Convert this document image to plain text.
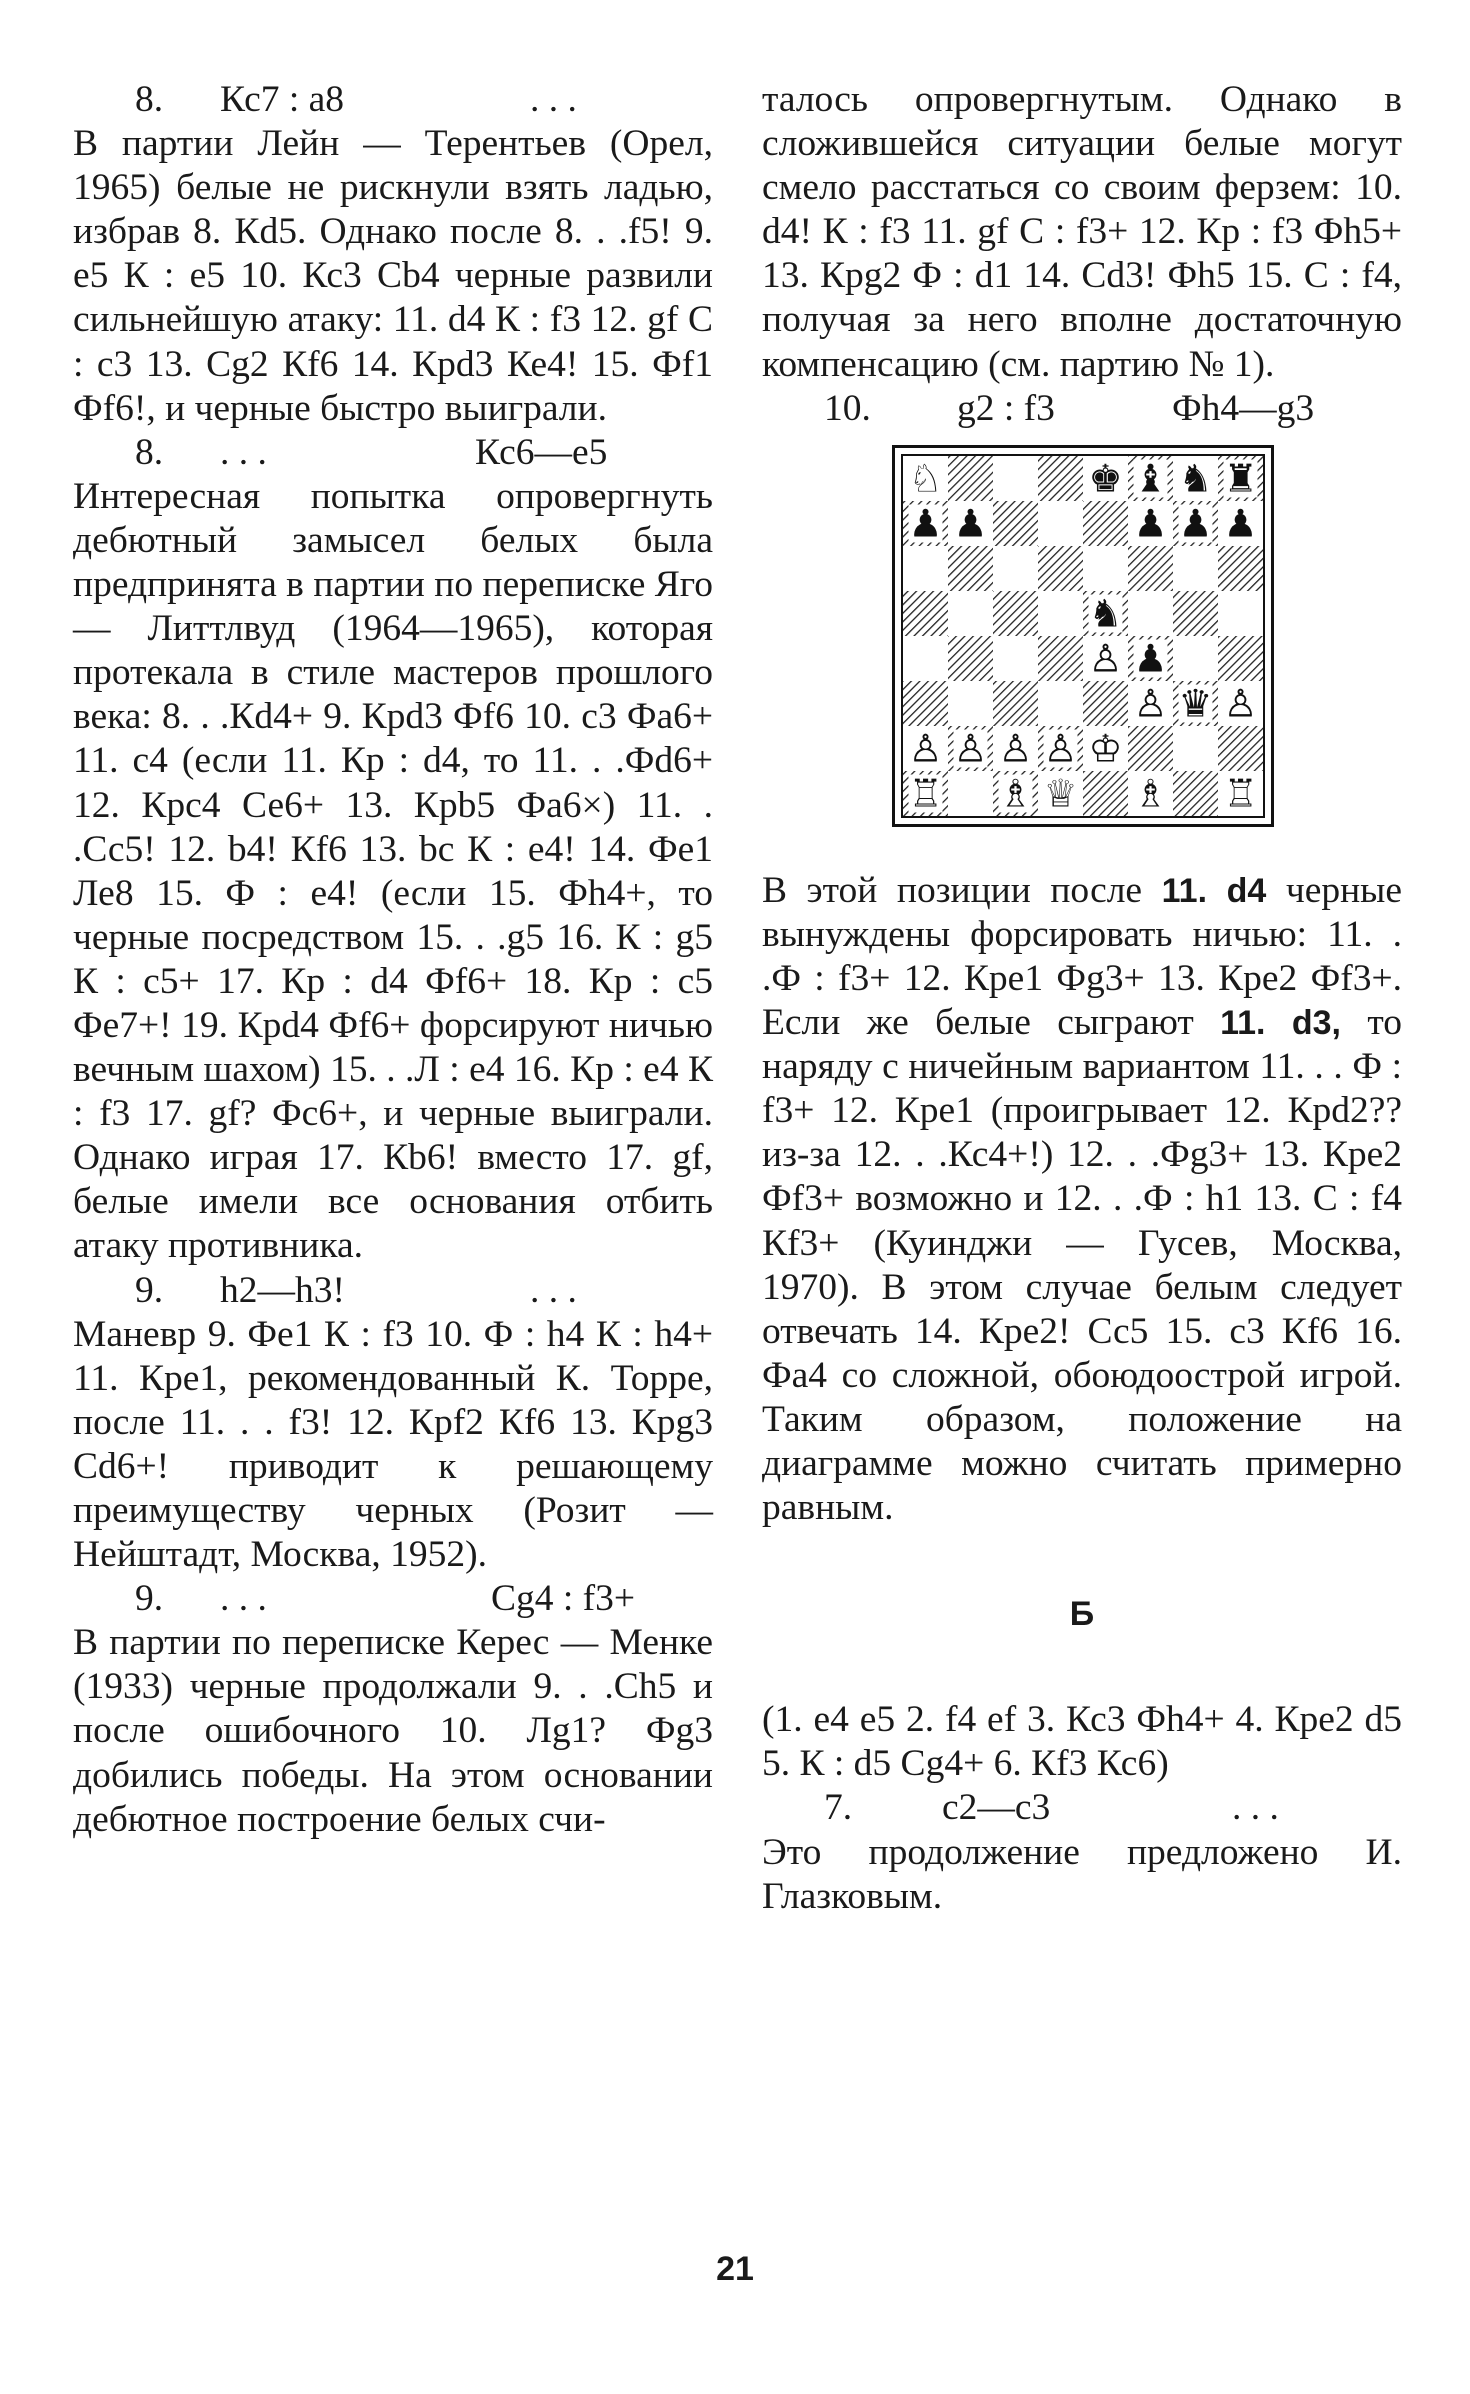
8.

Кс7 : а8

	. . .

В партии Лейн — Терентьев (Орел, 1965) белые не рискнули взять ладью, избрав 8. Кd5. Однако после 8. . .f5! 9. е5 К : е5 10. Кс3 Cb4 черные развили сильнейшую атаку: 11. d4 К : f3 12. gf С : с3 13. Cg2 Кf6 14. Крd3 Ке4! 15. Фf1 Фf6!, и черные быстро выиграли.

8.

. . .

	Кс6—е5

Интересная попытка опровергнуть дебютный замысел белых была предпринята в партии по переписке Яго — Литтлвуд (1964—1965), которая протекала в стиле мастеров прошлого века: 8. . .Кd4+ 9. Крd3 Фf6 10. с3 Фа6+ 11. с4 (если 11. Кр : d4, то 11. . .Фd6+ 12. Крс4 Се6+ 13. Крb5 Фа6×) 11. . .Сс5! 12. b4! Кf6 13. bc К : е4! 14. Фе1 Ле8 15. Ф : е4! (если 15. Фh4+, то черные посредством 15. . .g5 16. К : g5 К : с5+ 17. Кр : d4 Фf6+ 18. Кр : с5 Фе7+! 19. Крd4 Фf6+ форсируют ничью вечным шахом) 15. . .Л : е4 16. Кр : е4 К : f3 17. gf? Фс6+, и черные выиграли. Однако играя 17. Кb6! вместо 17. gf, белые имели все основания отбить атаку противника.

9.

h2—h3!

	. . .

Маневр 9. Фе1 К : f3 10. Ф : h4 К : h4+ 11. Крe1, рекомендованный К. Торре, после 11. . . f3! 12. Крf2 Кf6 13. Крg3 Cd6+! приводит к решающему преимуществу черных (Розит — Нейштадт, Москва, 1952).

9.

. . .

	Cg4 : f3+

В партии по переписке Керес — Менке (1933) черные продолжали 9. . .Ch5 и после ошибочного 10. Лg1? Фg3 добились победы. На этом основании дебютное построение белых счи-

талось опровергнутым. Однако в сложившейся ситуации белые могут смело расстаться со своим ферзем: 10. d4! К : f3 11. gf С : f3+ 12. Кр : f3 Фh5+ 13. Крg2 Ф : d1 14. Cd3! Фh5 15. С : f4, получая за него вполне достаточную компенсацию (см. партию № 1).

10.

g2 : f3

	Фh4—g3

♘	♚ ♝ ♞ ♜
♟ ♟	♟ ♟ ♟
♞
♙ ♟
♙ ♛ ♙
♙ ♙ ♙ ♙ ♔
♖ ♗ ♕ ♗ ♖

В этой позиции после 11. d4 черные вынуждены форсировать ничью: 11. . .Ф : f3+ 12. Крe1 Фg3+ 13. Крe2 Фf3+. Если же белые сыграют 11. d3, то наряду с ничейным вариантом 11. . . Ф : f3+ 12. Крe1 (проигрывает 12. Крd2?? из-за 12. . .Кс4+!) 12. . .Фg3+ 13. Крe2 Фf3+ возможно и 12. . .Ф : h1 13. С : f4 Кf3+ (Куинджи — Гусев, Москва, 1970). В этом случае белым следует отвечать 14. Крe2! Сс5 15. с3 Кf6 16. Фа4 со сложной, обоюдоострой игрой. Таким образом, положение на диаграмме можно считать примерно равным.

Б

(1. е4 е5 2. f4 ef 3. Кс3 Фh4+ 4. Крe2 d5 5. К : d5 Cg4+ 6. Кf3 Кс6)

7.

с2—с3

	. . .

Это продолжение предложено И. Глазковым.

21
